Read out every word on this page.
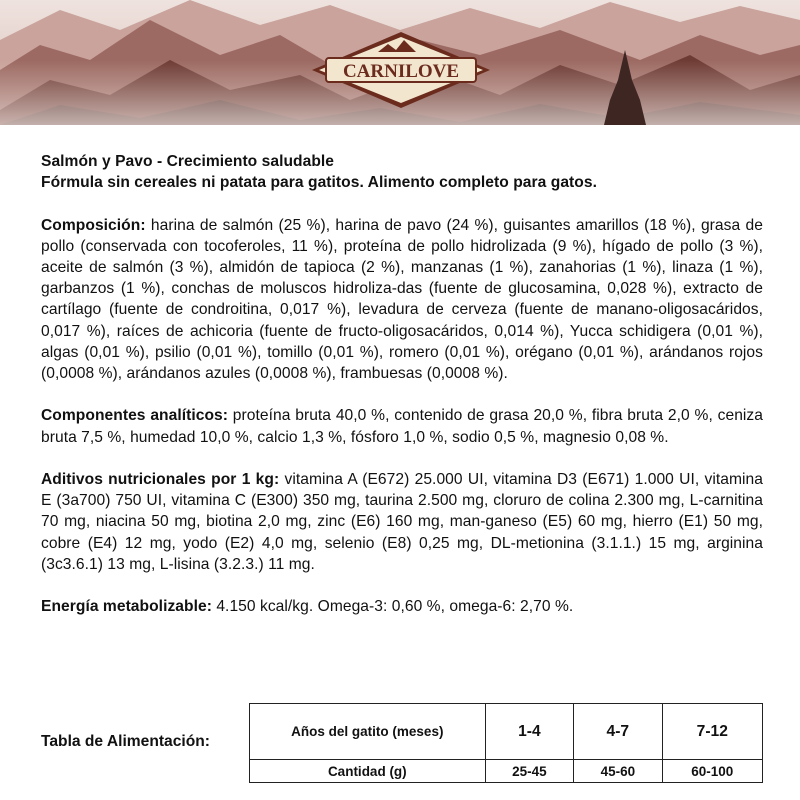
CARNILOVE

Salmón y Pavo - Crecimiento saludable

Fórmula sin cereales ni patata para gatitos. Alimento completo para gatos.

Composición: harina de salmón (25 %), harina de pavo (24 %), guisantes amarillos (18 %), grasa de pollo (conservada con tocoferoles, 11 %), proteína de pollo hidrolizada (9 %), hígado de pollo (3 %), aceite de salmón (3 %), almidón de tapioca (2 %), manzanas (1 %), zanahorias (1 %), linaza (1 %), garbanzos (1 %), conchas de moluscos hidroliza-das (fuente de glucosamina, 0,028 %), extracto de cartílago (fuente de condroitina, 0,017 %), levadura de cerveza (fuente de manano-oligosacáridos, 0,017 %), raíces de achicoria (fuente de fructo-oligosacáridos, 0,014 %), Yucca schidigera (0,01 %), algas (0,01 %), psilio (0,01 %), tomillo (0,01 %), romero (0,01 %), orégano (0,01 %), arándanos rojos (0,0008 %), arándanos azules (0,0008 %), frambuesas (0,0008 %).

Componentes analíticos: proteína bruta 40,0 %, contenido de grasa 20,0 %, fibra bruta 2,0 %, ceniza bruta 7,5 %, humedad 10,0 %, calcio 1,3 %, fósforo 1,0 %, sodio 0,5 %, magnesio 0,08 %.

Aditivos nutricionales por 1 kg: vitamina A (E672) 25.000 UI, vitamina D3 (E671) 1.000 UI, vitamina E (3a700) 750 UI, vitamina C (E300) 350 mg, taurina 2.500 mg, cloruro de colina 2.300 mg, L-carnitina 70 mg, niacina 50 mg, biotina 2,0 mg, zinc (E6) 160 mg, man-ganeso (E5) 60 mg, hierro (E1) 50 mg, cobre (E4) 12 mg, yodo (E2) 4,0 mg, selenio (E8) 0,25 mg, DL-metionina (3.1.1.) 15 mg, arginina (3c3.6.1) 13 mg, L-lisina (3.2.3.) 11 mg.

Energía metabolizable: 4.150 kcal/kg. Omega-3: 0,60 %, omega-6: 2,70 %.

Tabla de Alimentación:
Años del gatito (meses)	1-4	4-7	7-12
Cantidad (g)	25-45	45-60	60-100
